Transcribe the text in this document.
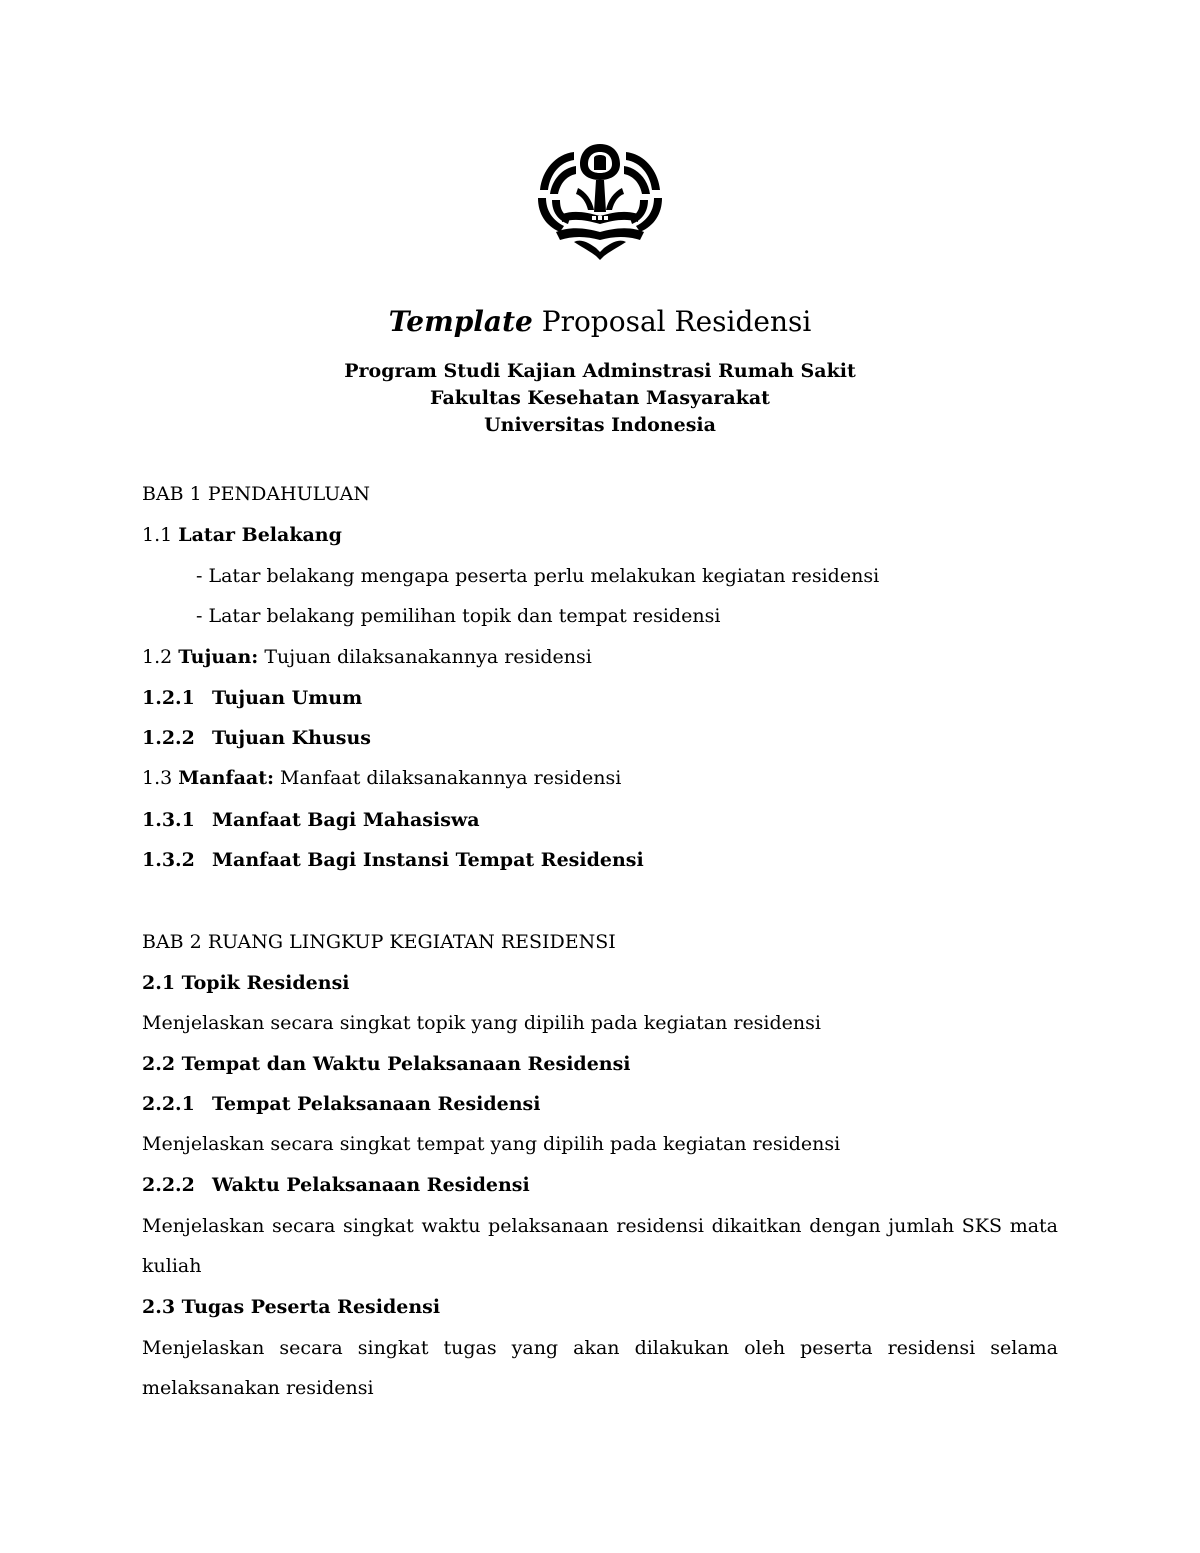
Template Proposal Residensi
Program Studi Kajian Adminstrasi Rumah Sakit
Fakultas Kesehatan Masyarakat
Universitas Indonesia
BAB 1 PENDAHULUAN
1.1 Latar Belakang
- Latar belakang mengapa peserta perlu melakukan kegiatan residensi
- Latar belakang pemilihan topik dan tempat residensi
1.2 Tujuan: Tujuan dilaksanakannya residensi
1.2.1 Tujuan Umum
1.2.2 Tujuan Khusus
1.3 Manfaat: Manfaat dilaksanakannya residensi
1.3.1 Manfaat Bagi Mahasiswa
1.3.2 Manfaat Bagi Instansi Tempat Residensi
BAB 2 RUANG LINGKUP KEGIATAN RESIDENSI
2.1 Topik Residensi
Menjelaskan secara singkat topik yang dipilih pada kegiatan residensi
2.2 Tempat dan Waktu Pelaksanaan Residensi
2.2.1 Tempat Pelaksanaan Residensi
Menjelaskan secara singkat tempat yang dipilih pada kegiatan residensi
2.2.2 Waktu Pelaksanaan Residensi
Menjelaskan secara singkat waktu pelaksanaan residensi dikaitkan dengan jumlah SKS mata kuliah
2.3 Tugas Peserta Residensi
Menjelaskan secara singkat tugas yang akan dilakukan oleh peserta residensi selama melaksanakan residensi
